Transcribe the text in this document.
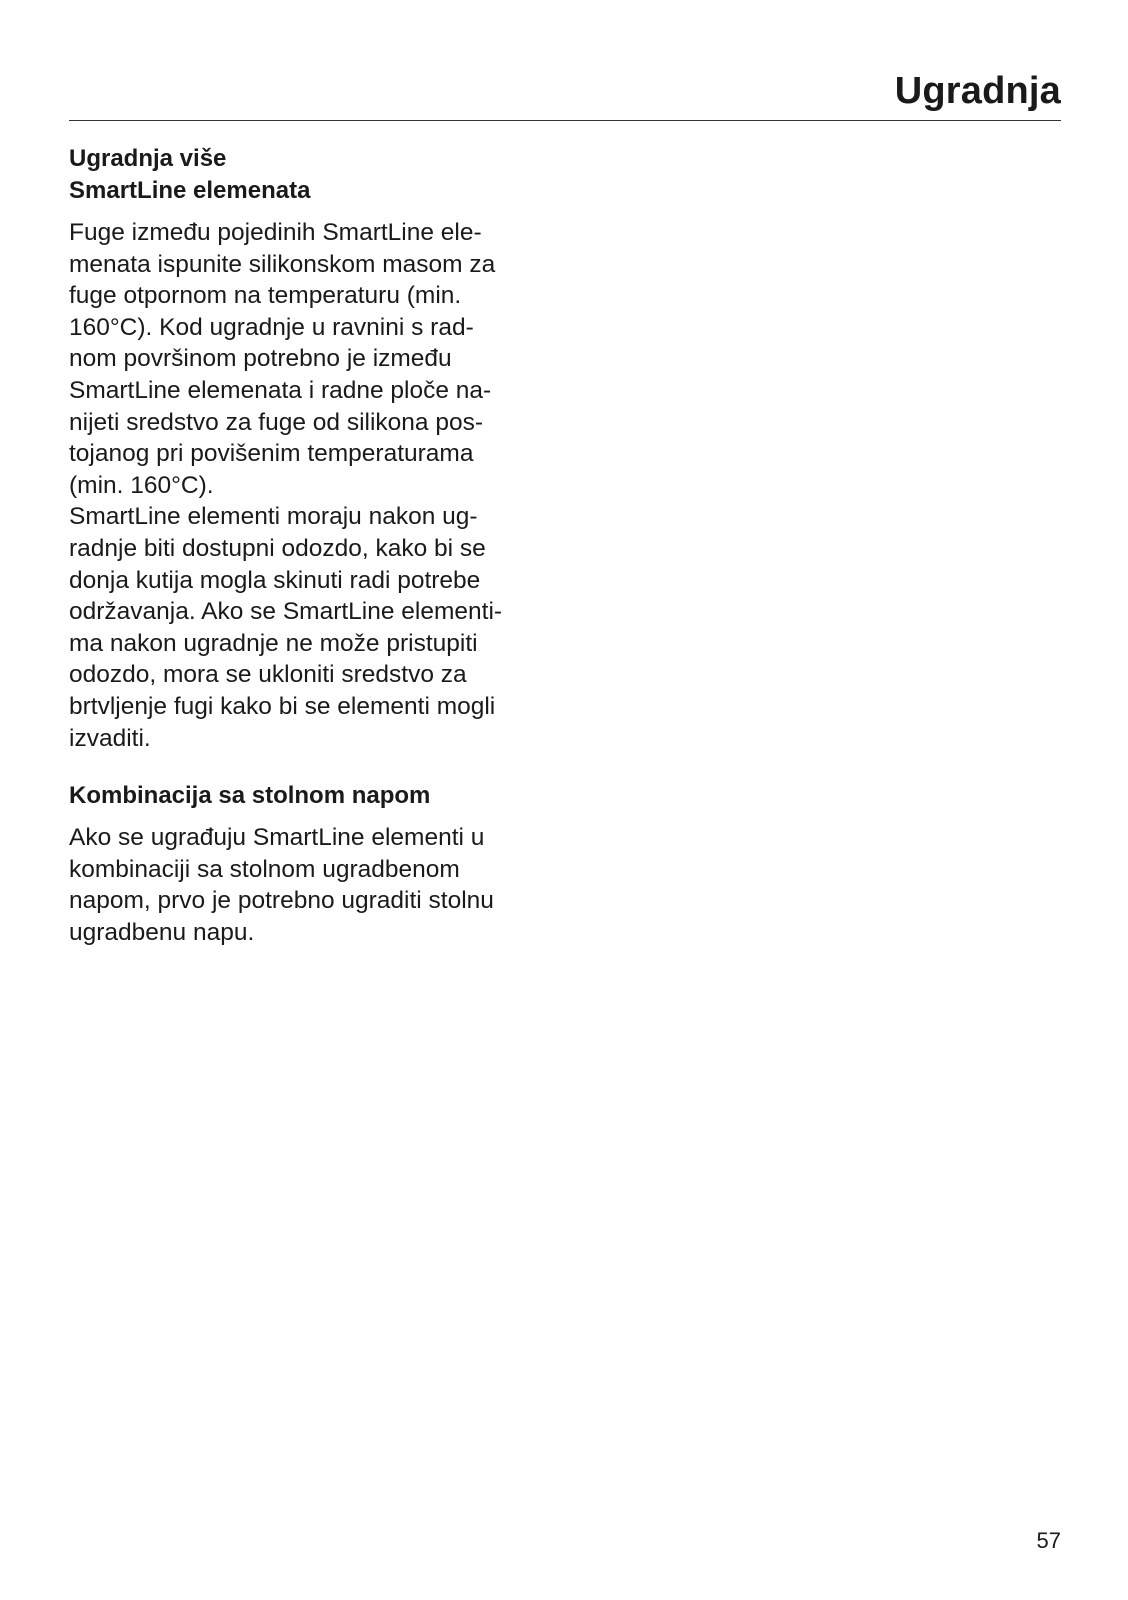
Ugradnja
Ugradnja više
SmartLine elemenata

Fuge između pojedinih SmartLine ele-
menata ispunite silikonskom masom za
fuge otpornom na temperaturu (min.
160°C). Kod ugradnje u ravnini s rad-
nom površinom potrebno je između
SmartLine elemenata i radne ploče na-
nijeti sredstvo za fuge od silikona pos-
tojanog pri povišenim temperaturama
(min. 160°C).

SmartLine elementi moraju nakon ug-
radnje biti dostupni odozdo, kako bi se
donja kutija mogla skinuti radi potrebe
održavanja. Ako se SmartLine elementi-
ma nakon ugradnje ne može pristupiti
odozdo, mora se ukloniti sredstvo za
brtvljenje fugi kako bi se elementi mogli
izvaditi.

Kombinacija sa stolnom napom

Ako se ugrađuju SmartLine elementi u
kombinaciji sa stolnom ugradbenom
napom, prvo je potrebno ugraditi stolnu
ugradbenu napu.

57
